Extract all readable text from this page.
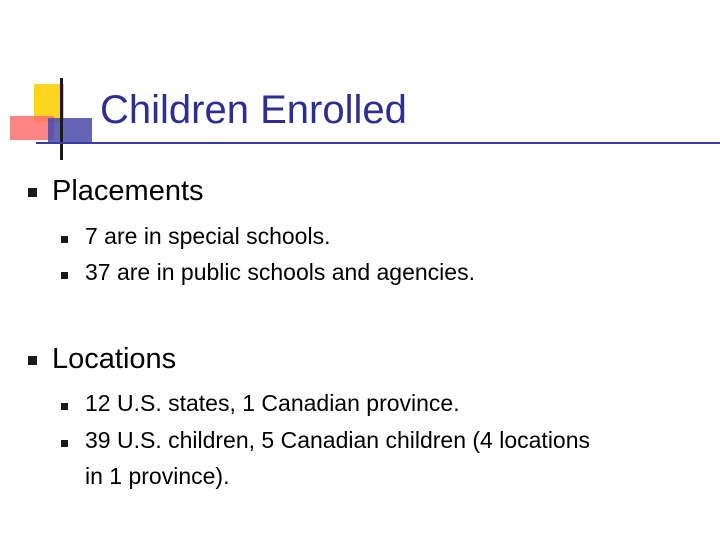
Children Enrolled
Placements
7 are in special schools.
37 are in public schools and agencies.
Locations
12 U.S. states, 1 Canadian province.
39 U.S. children, 5 Canadian children (4 locations
in 1 province).
